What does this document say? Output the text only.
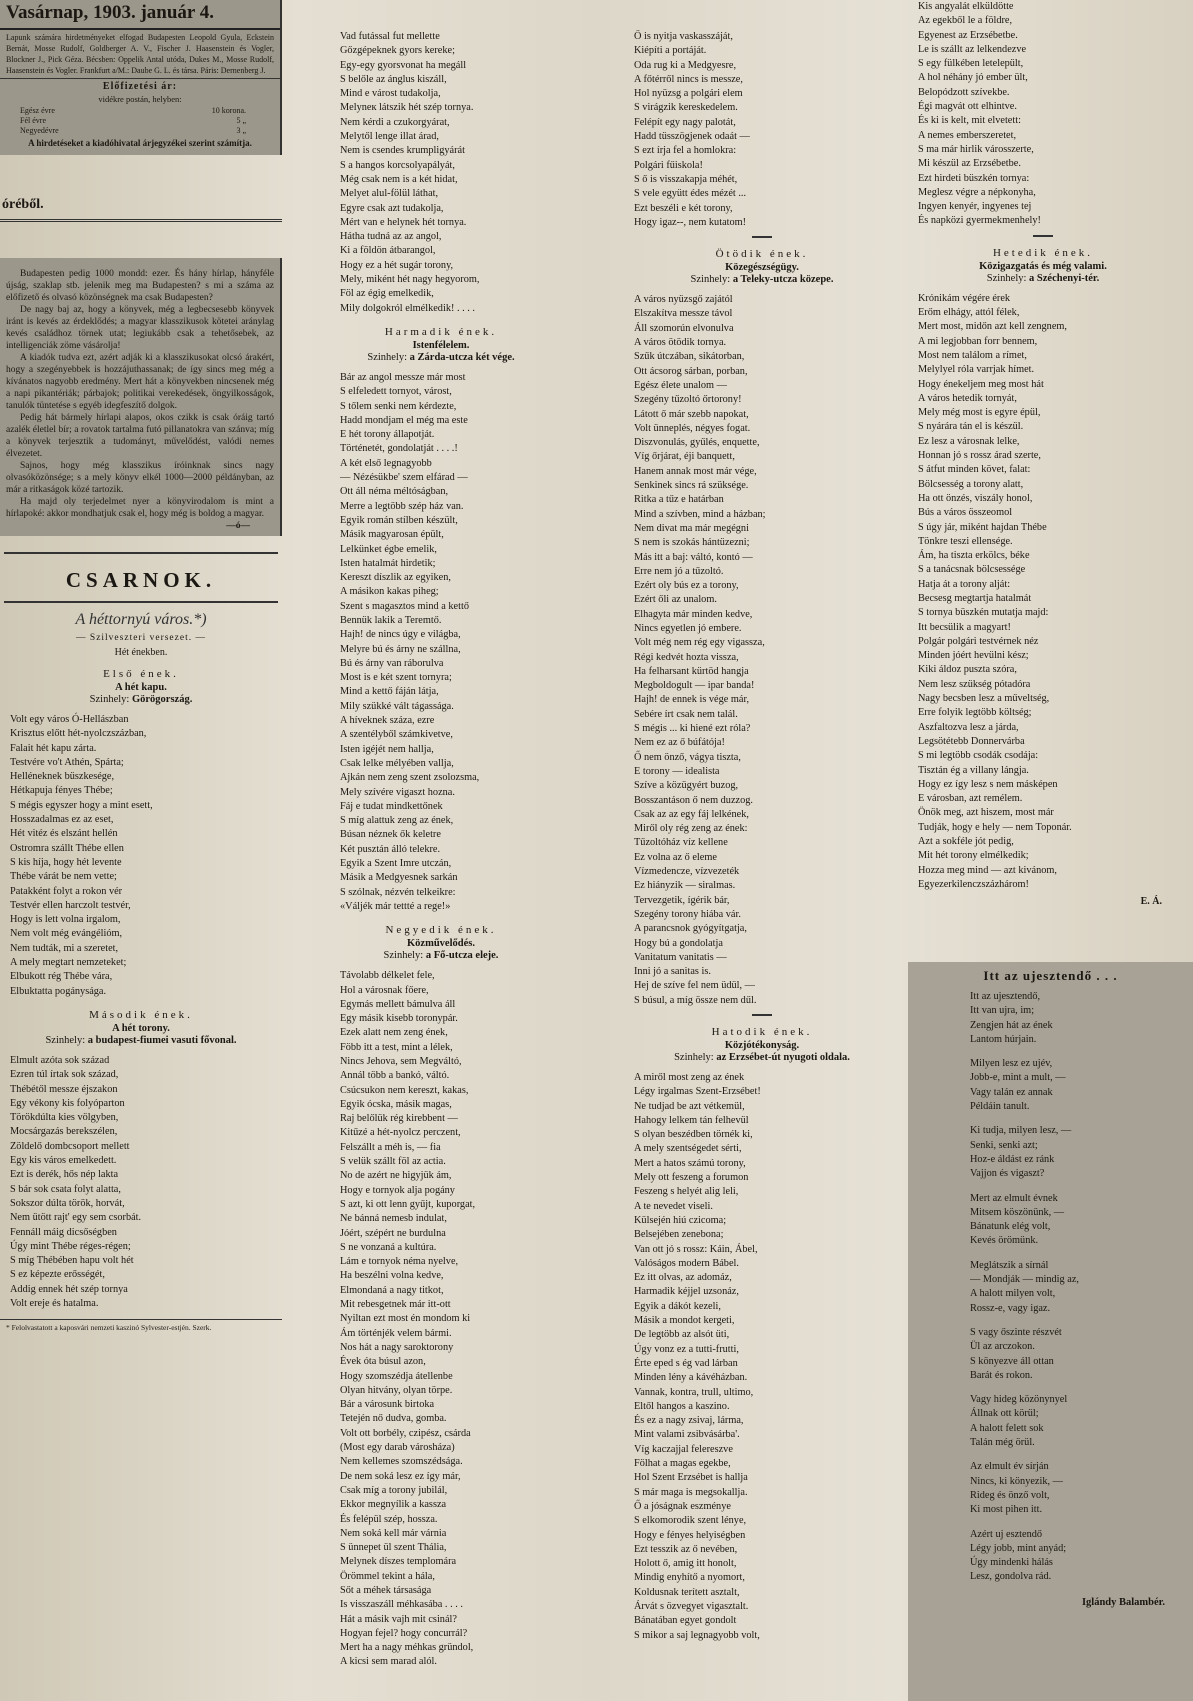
Vasárnap, 1903. január 4.
Lapunk számára hirdetményeket elfogad Budapesten Leopold Gyula, Eckstein Bernát, Mosse Rudolf, Goldberger A. V., Fischer J. Haasenstein és Vogler, Blockner J., Pick Géza. Bécsben: Oppelik Antal utóda, Dukes M., Mosse Rudolf, Haasenstein és Vogler. Frankfurt a/M.: Daube G. L. és társa. Páris: Dernenberg J.
Előfizetési ár:
vidékre postán, helyben:
Egész évre	10 korona.
Fél évre	5 „
Negyedévre	3 „
A hirdetéseket a kiadóhivatal árjegyzékei szerint számítja.
óréből.

Budapesten pedig 1000 mondd: ezer. És hány hírlap, hányféle újság, szaklap stb. jelenik meg ma Budapesten? s mi a száma az előfizető és olvasó közönségnek ma csak Budapesten?

De nagy baj az, hogy a könyvek, még a legbecsesebb könyvek iránt is kevés az érdeklődés; a magyar klasszikusok kötetei aránylag kevés családhoz törnek utat; legiukább csak a tehetősebek, az intelligenciák zöme vásárolja!

A kiadók tudva ezt, azért adják ki a klasszikusokat olcsó árakért, hogy a szegényebbek is hozzájuthassanak; de így sincs meg még a kívánatos nagyobb eredmény. Mert hát a könyvekben nincsenek még a napi pikantériák; párbajok; politikai verekedések, öngyilkosságok, tanulók tüntetése s egyéb idegfeszítő dolgok.

Pedig hát bármely hírlapi alapos, okos czikk is csak óráig tartó azalék életlel bír; a rovatok tartalma futó pillanatokra van szánva; míg a könyvek terjesztik a tudományt, művelődést, valódi nemes élvezetet.

Sajnos, hogy még klasszikus íróinknak sincs nagy olvasóközönsége; s a mely könyv elkél 1000—2000 példányban, az már a ritkaságok közé tartozik.

Ha majd oly terjedelmet nyer a könyvirodalom is mint a hírlapoké: akkor mondhatjuk csak el, hogy még is boldog a magyar.

—ó—
CSARNOK.
A héttornyú város.*)
— Szilveszteri versezet. —
Hét énekben.
Első ének.
A hét kapu.
Szinhely: Görögország.
Volt egy város Ó-Hellászban
Krisztus előtt hét-nyolczszázban,
Falait hét kapu zárta.
Testvére vo't Athén, Spárta;
Helléneknek büszkesége,
Hétkapuja fényes Thébe;
S mégis egyszer hogy a mint esett,
Hosszadalmas ez az eset,
Hét vitéz és elszánt hellén
Ostromra szállt Thébe ellen
S kis híja, hogy hét levente
Thébe várát be nem vette;
Patakként folyt a rokon vér
Testvér ellen harczolt testvér,
Hogy is lett volna irgalom,
Nem volt még evángélióm,
Nem tudták, mi a szeretet,
A mely megtart nemzeteket;
Elbukott rég Thébe vára,
Elbuktatta pogánysága.
Második ének.
A hét torony.
Szinhely: a budapest-fiumei vasuti fővonal.
Elmult azóta sok század
Ezren túl írtak sok század,
Thébétől messze éjszakon
Egy vékony kis folyóparton
Törökdúlta kies völgyben,
Mocsárgazás berekszélen,
Zöldelő dombcsoport mellett
Egy kis város emelkedett.
Ezt is derék, hős nép lakta
S bár sok csata folyt alatta,
Sokszor dúlta török, horvát,
Nem ütött rajt' egy sem csorbát.
Fennáll máig dicsőségben
Úgy mint Thébe réges-régen;
S míg Thébében hapu volt hét
S ez képezte erősségét,
Addig ennek hét szép tornya
Volt ereje és hatalma.
* Felolvastatott a kaposvári nemzeti kaszinó Sylvester-estjén. Szerk.
Vad futással fut mellette
Gőzgépeknek gyors kereke;
Egy-egy gyorsvonat ha megáll
S belőle az ánglus kiszáll,
Mind e várost tudakolja,
Melyneк látszik hét szép tornya.
Nem kérdi a czukorgyárat,
Melytől lenge illat árad,
Nem is csendes krumpligyárát
S a hangos korcsolyapályát,
Még csak nem is a két hidat,
Melyet alul-fölül láthat,
Egyre csak azt tudakolja,
Mért van e helynek hét tornya.
Hátha tudná az az angol,
Ki a földön átbarangol,
Hogy ez a hét sugár torony,
Mely, miként hét nagy hegyorom,
Föl az égig emelkedik,
Mily dolgokról elmélkedik! . . . .
Harmadik ének.
Istenfélelem.
Szinhely: a Zárda-utcza két vége.
Bár az angol messze már most
S elfeledett tornyot, várost,
S tőlem senki nem kérdezte,
Hadd mondjam el még ma este
E hét torony állapotját.
Történetét, gondolatját . . . .!
A két első legnagyobb
— Nézésükbe' szem elfárad —
Ott áll néma méltóságban,
Merre a legtöbb szép ház van.
Egyik román stílben készült,
Másik magyarosan épült,
Lelkünket égbe emelik,
Isten hatalmát hirdetik;
Kereszt díszlik az egyiken,
A másikon kakas piheg;
Szent s magasztos mind a kettő
Bennük lakik a Teremtő.
Hajh! de nincs úgy e világba,
Melyre bú és árny ne szállna,
Bú és árny van ráborulva
Most is e két szent tornyra;
Mind a kettő fáján látja,
Mily szükké vált tágassága.
A híveknek száza, ezre
A szentélyből számkivetve,
Isten igéjét nem hallja,
Csak lelke mélyében vallja,
Ajkán nem zeng szent zsolozsma,
Mely szívére vigaszt hozna.
Fáj e tudat mindkettőnek
S míg alattuk zeng az ének,
Búsan néznek ők keletre
Két pusztán álló telekre.
Egyik a Szent Imre utczán,
Másik a Medgyesnek sarkán
S szólnak, nézvén telkeikre:
«Váljék már tettté a rege!»
Negyedik ének.
Közművelődés.
Szinhely: a Fő-utcza eleje.
Távolabb délkelet fele,
Hol a városnak főere,
Egymás mellett bámulva áll
Egy másik kisebb toronypár.
Ezek alatt nem zeng ének,
Föbb itt a test, mint a lélek,
Nincs Jehova, sem Megváltó,
Annál több a bankó, váltó.
Csúcsukon nem kereszt, kakas,
Egyik ócska, másik magas,
Raj belőlük rég kirebbent —
Kitűzé a hét-nyolcz perczent,
Felszállt a méh is, — fia
S velük szállt föl az actia.
No de azért ne higyjük ám,
Hogy e tornyok alja pogány
S azt, ki ott lenn gyűjt, kuporgat,
Ne bánná nemesb indulat,
Jóért, szépért ne burdulna
S ne vonzaná a kultúra.
Lám e tornyok néma nyelve,
Ha beszélni volna kedve,
Elmondaná a nagy titkot,
Mit rebesgetnek már itt-ott
Nyiltan ezt most én mondom ki
Ám történjék velem bármi.
Nos hát a nagy saroktorony
Évek óta búsul azon,
Hogy szomszédja átellenbe
Olyan hitvány, olyan törpe.
Bár a városunk birtoka
Tetején nő dudva, gomba.
Volt ott borbély, czipész, csárda
(Most egy darab városháza)
Nem kellemes szomszédsága.
De nem soká lesz ez így már,
Csak míg a torony jubilál,
Ekkor megnyílik a kassza
És felépül szép, hossza.
Nem soká kell már várnia
S ünnepet ül szent Thália,
Melynek díszes templomára
Örömmel tekint a hála,
Sőt a méhek társasága
Is visszaszáll méhkasába . . . .
Hát a másik vajh mit csinál?
Hogyan fejel? hogy concurrál?
Mert ha a nagy méhkas gründol,
A kicsi sem marad alól.
Ő is nyitja vaskasszáját,
Kiépíti a portáját.
Oda rug ki a Medgyesre,
A főtérről nincs is messze,
Hol nyüzsg a polgári elem
S virágzik kereskedelem.
Felépít egy nagy palotát,
Hadd tüsszögjenek odaát —
S ezt írja fel a homlokra:
Polgári fűiskola!
S ő is visszakapja méhét,
S vele együtt édes mézét ...
Ezt beszéli e két torony,
Hogy igaz--, nem kutatom!
Ötödik ének.
Közegészségügy.
Szinhely: a Teleky-utcza közepe.
A város nyüzsgő zajától
Elszakítva messze távol
Áll szomorún elvonulva
A város ötödik tornya.
Szűk útczában, sikátorban,
Ott ácsorog sárban, porban,
Egész élete unalom —
Szegény tűzoltó őrtorony!
Látott ő már szebb napokat,
Volt ünneplés, négyes fogat.
Diszvonulás, gyűlés, enquette,
Víg őrjárat, éji banquett,
Hanem annak most már vége,
Senkinek sincs rá szüksége.
Ritka a tűz e határban
Mind a szívben, mind a házban;
Nem divat ma már megégni
S nem is szokás hántüzezni;
Más itt a baj: váltó, kontó —
Erre nem jó a tűzoltó.
Ezért oly bús ez a torony,
Ezért őli az unalom.
Elhagyta már minden kedve,
Nincs egyetlen jó embere.
Volt még nem rég egy vigassza,
Régi kedvét hozta vissza,
Ha felharsant kürtöd hangja
Megboldogult — ipar banda!
Hajh! de ennek is vége már,
Sebére írt csak nem talál.
S mégis ... ki hiené ezt róla?
Nem ez az ő búfátója!
Ő nem önző, vágya tiszta,
E torony — idealista
Szíve a közügyért buzog,
Bosszantáson ő nem duzzog.
Csak az az egy fáj lelkének,
Miről oly rég zeng az ének:
Tűzoltóház víz kellene
Ez volna az ő eleme
Vízmedencze, vízvezeték
Ez hiányzik — siralmas.
Tervezgetik, ígérik bár,
Szegény torony hiába vár.
A parancsnok gyógyítgatja,
Hogy bú a gondolatja
Vanitatum vanitatis —
Inni jó a sanitas is.
Hej de szíve fel nem üdül, —
S búsul, a míg össze nem dűl.
Hatodik ének.
Közjótékonyság.
Szinhely: az Erzsébet-út nyugoti oldala.
A miről most zeng az ének
Légy irgalmas Szent-Erzsébet!
Ne tudjad be azt vétkemül,
Hahogy lelkem tán felhevül
S olyan beszédben törnék ki,
A mely szentségedet sérti,
Mert a hatos számú torony,
Mely ott feszeng a forumon
Feszeng s helyét alig leli,
A te nevedet viseli.
Külsején hiú czicoma;
Belsejében zenebona;
Van ott jó s rossz: Káin, Ábel,
Valóságos modern Bábel.
Ez itt olvas, az adomáz,
Harmadik kéjjel uzsonáz,
Egyik a dákót kezeli,
Másik a mondot kergeti,
De legtöbb az alsót üti,
Úgy vonz ez a tutti-frutti,
Érte eped s ég vad lárban
Minden lény a kávéházban.
Vannak, kontra, trull, ultimo,
Eltől hangos a kaszino.
És ez a nagy zsivaj, lárma,
Mint valami zsibvásárba'.
Víg kaczajjal felereszve
Fölhat a magas egekbe,
Hol Szent Erzsébet is hallja
S már maga is megsokallja.
Ő a jóságnak eszménye
S elkomorodik szent lénye,
Hogy e fényes helyiségben
Ezt tesszik az ő nevében,
Holott ő, amig itt honolt,
Mindig enyhítő a nyomort,
Koldusnak terített asztalt,
Árvát s özvegyet vigasztalt.
Bánatában egyet gondolt
S mikor a saj legnagyobb volt,
Kis angyalát elküldötte
Az egekből le a földre,
Egyenest az Erzsébetbe.
Le is szállt az lelkendezve
S egy fülkében letelepült,
A hol néhány jó ember ült,
Belopódzott szívekbe.
Égi magvát ott elhintve.
És ki is kelt, mit elvetett:
A nemes emberszeretet,
S ma már hirlik városszerte,
Mi készül az Erzsébetbe.
Ezt hirdeti büszkén tornya:
Meglesz végre a népkonyha,
Ingyen kenyér, ingyenes tej
És napközi gyermekmenhely!
Hetedik ének.
Közigazgatás és még valami.
Szinhely: a Széchenyi-tér.
Krónikám végére érek
Erőm elhágy, attól félek,
Mert most, midőn azt kell zengnem,
A mi legjobban forr bennem,
Most nem találom a rímet,
Melylyel róla varrjak hímet.
Hogy énekeljem meg most hát
A város hetedik tornyát,
Mely még most is egyre épül,
S nyárára tán el is készül.
Ez lesz a városnak lelke,
Honnan jó s rossz árad szerte,
S átfut minden követ, falat:
Bölcsesség a torony alatt,
Ha ott önzés, viszály honol,
Bús a város összeomol
S úgy jár, miként hajdan Thébe
Tönkre teszi ellensége.
Ám, ha tiszta erkölcs, béke
S a tanácsnak bölcsessége
Hatja át a torony alját:
Becsesg megtartja hatalmát
S tornya büszkén mutatja majd:
Itt becsülik a magyart!
Polgár polgári testvérnek néz
Minden jóért hevülni kész;
Kiki áldoz puszta szóra,
Nem lesz szükség pótadóra
Nagy becsben lesz a műveltség,
Erre folyik legtöbb költség;
Aszfaltozva lesz a járda,
Legsötétebb Donnervárba
S mi legtöbb csodák csodája:
Tisztán ég a villany lángja.
Hogy ez így lesz s nem másképen
E városban, azt remélem.
Önök meg, azt hiszem, most már
Tudják, hogy e hely — nem Toponár.
Azt a sokféle jót pedig,
Mit hét torony elmélkedik;
Hozza meg mind — azt kivánom,
Egyezerkilenczszázhárom!
E. Á.
Itt az ujesztendő . . .
Itt az ujesztendő,
Itt van ujra, im;
Zengjen hát az ének
Lantom húrjain.
Milyen lesz ez ujév,
Jobb-e, mint a mult, —
Vagy talán ez annak
Példáin tanult.
Ki tudja, milyen lesz, —
Senki, senki azt;
Hoz-e áldást ez ránk
Vajjon és vigaszt?
Mert az elmult évnek
Mitsem köszönünk, —
Bánatunk elég volt,
Kevés örömünk.
Meglátszik a sírnál
— Mondják — mindig az,
A halott milyen volt,
Rossz-e, vagy igaz.
S vagy őszinte részvét
Ül az arczokon.
S könyezve áll ottan
Barát és rokon.
Vagy hideg közönynyel
Állnak ott körül;
A halott felett sok
Talán még örül.
Az elmult év sírján
Nincs, ki könyezik, —
Rideg és önző volt,
Ki most pihen itt.
Azért uj esztendő
Légy jobb, mint anyád;
Úgy mindenki hálás
Lesz, gondolva rád.
Iglándy Balambér.
